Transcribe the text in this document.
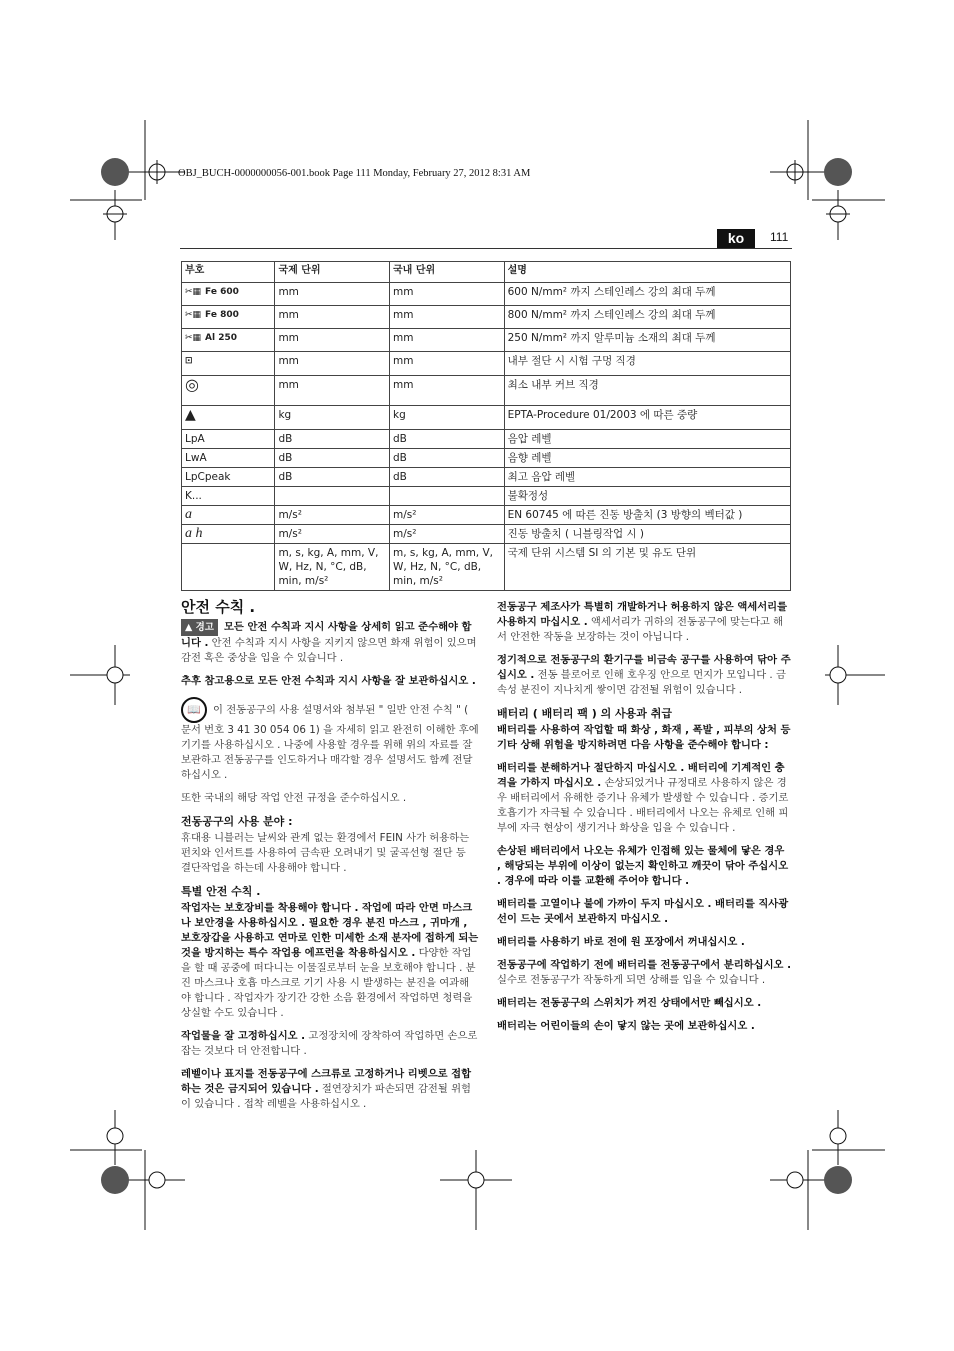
OBJ_BUCH-0000000056-001.book Page 111 Monday, February 27, 2012 8:31 AM
ko	111
부호	국제 단위	국내 단위	설명

✂▦ Fe 600	mm	mm	600 N/mm² 까지 스테인레스 강의 최대 두께

✂▦ Fe 800	mm	mm	800 N/mm² 까지 스테인레스 강의 최대 두께

✂▦ Al 250	mm	mm	250 N/mm² 까지 알루미늄 소재의 최대 두께

⊡	mm	mm	내부 절단 시 시험 구멍 직경

◎	mm	mm	최소 내부 커브 직경

▲	kg	kg	EPTA-Procedure 01/2003 에 따른 중량
LpA	dB	dB	음압 레벨
LwA	dB	dB	음향 레벨
LpCpeak	dB	dB	최고 음압 레벨
K...			불확정성
a	m/s²	m/s²	EN 60745 에 따른 진동 방출치 (3 방향의 벡터값 )
a h	m/s²	m/s²	진동 방출치 ( 니블링작업 시 )
	m, s, kg, A, mm, V, W, Hz, N, °C, dB, min, m/s²	m, s, kg, A, mm, V, W, Hz, N, °C, dB, min, m/s²	국제 단위 시스템 SI 의 기본 및 유도 단위
안전 수칙 .

▲ 경고 모든 안전 수칙과 지시 사항을 상세히 읽고 준수해야 합니다 . 안전 수칙과 지시 사항을 지키지 않으면 화재 위험이 있으며 감전 혹은 중상을 입을 수 있습니다 .

추후 참고용으로 모든 안전 수칙과 지시 사항을 잘 보관하십시오 .

📖 이 전동공구의 사용 설명서와 첨부된 " 일반 안전 수칙 " ( 문서 번호 3 41 30 054 06 1) 을 자세히 읽고 완전히 이해한 후에 기기를 사용하십시오 . 나중에 사용할 경우를 위해 위의 자료를 잘 보관하고 전동공구를 인도하거나 매각할 경우 설명서도 함께 전달하십시오 .

또한 국내의 해당 작업 안전 규정을 준수하십시오 .

전동공구의 사용 분야 :

휴대용 니블러는 날씨와 관계 없는 환경에서 FEIN 사가 허용하는 펀치와 인서트를 사용하여 금속판 오려내기 및 굴곡선형 절단 등 결단작업을 하는데 사용해야 합니다 .

특별 안전 수칙 .

작업자는 보호장비를 착용해야 합니다 . 작업에 따라 안면 마스크나 보안경을 사용하십시오 . 필요한 경우 분진 마스크 , 귀마개 , 보호장갑을 사용하고 연마로 인한 미세한 소재 분자에 접하게 되는 것을 방지하는 특수 작업용 에프런을 착용하십시오 . 다양한 작업을 할 때 공중에 떠다니는 이물질로부터 눈을 보호해야 합니다 . 분진 마스크나 호흡 마스크로 기기 사용 시 발생하는 분진을 여과해야 합니다 . 작업자가 장기간 강한 소음 환경에서 작업하면 청력을 상실할 수도 있습니다 .

작업물을 잘 고정하십시오 . 고정장치에 장착하여 작업하면 손으로 잡는 것보다 더 안전합니다 .

레벨이나 표지를 전동공구에 스크류로 고정하거나 리벳으로 접합하는 것은 금지되어 있습니다 . 절연장치가 파손되면 감전될 위험이 있습니다 . 접착 레벨을 사용하십시오 .

전동공구 제조사가 특별히 개발하거나 허용하지 않은 액세서리를 사용하지 마십시오 . 액세서리가 귀하의 전동공구에 맞는다고 해서 안전한 작동을 보장하는 것이 아닙니다 .

정기적으로 전동공구의 환기구를 비금속 공구를 사용하여 닦아 주십시오 . 전동 블로어로 인해 호우징 안으로 먼지가 모입니다 . 금속성 분진이 지나치게 쌓이면 감전될 위험이 있습니다 .

배터리 ( 배터리 팩 ) 의 사용과 취급

배터리를 사용하여 작업할 때 화상 , 화재 , 폭발 , 피부의 상처 등 기타 상해 위험을 방지하려면 다음 사항을 준수해야 합니다 :

배터리를 분해하거나 절단하지 마십시오 . 배터리에 기계적인 충격을 가하지 마십시오 . 손상되었거나 규정대로 사용하지 않은 경우 배터리에서 유해한 증기나 유체가 발생할 수 있습니다 . 증기로 호흡기가 자극될 수 있습니다 . 배터리에서 나오는 유체로 인해 피부에 자극 현상이 생기거나 화상을 입을 수 있습니다 .

손상된 배터리에서 나오는 유체가 인접해 있는 물체에 닿은 경우 , 해당되는 부위에 이상이 없는지 확인하고 깨끗이 닦아 주십시오 . 경우에 따라 이를 교환해 주어야 합니다 .

배터리를 고열이나 불에 가까이 두지 마십시오 . 배터리를 직사광선이 드는 곳에서 보관하지 마십시오 .

배터리를 사용하기 바로 전에 원 포장에서 꺼내십시오 .

전동공구에 작업하기 전에 배터리를 전동공구에서 분리하십시오 . 실수로 전동공구가 작동하게 되면 상해를 입을 수 있습니다 .

배터리는 전동공구의 스위치가 꺼진 상태에서만 빼십시오 .

배터리는 어린이들의 손이 닿지 않는 곳에 보관하십시오 .
